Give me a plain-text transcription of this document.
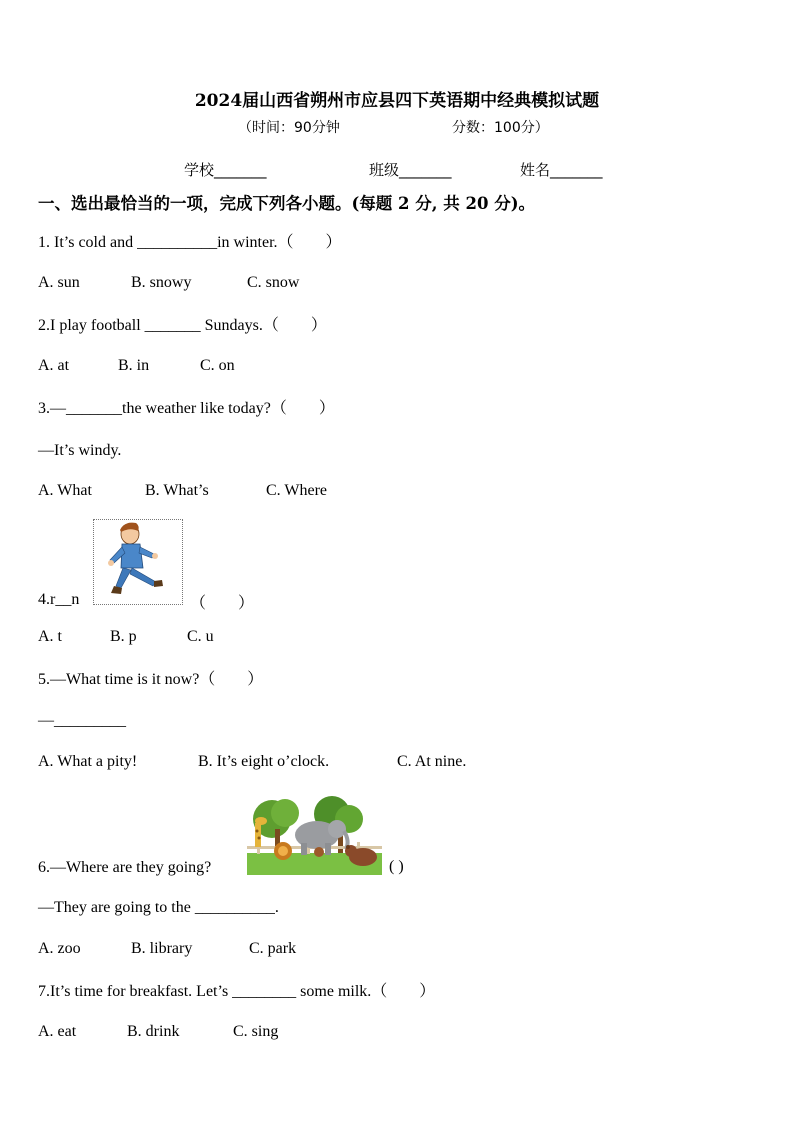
2024届山西省朔州市应县四下英语期中经典模拟试题
（时间：90分钟	分数：100分）
学校_______	班级_______	姓名_______
一、选出最恰当的一项，完成下列各小题。(每题 2 分, 共 20 分)。
1. It’s cold and __________in winter.（　　）
A. sun	B. snowy	C. snow
2.I play football _______ Sundays.（　　）
A. at	B. in	C. on
3.—_______the weather like today?（　　）
—It’s windy.
A. What	B. What’s	C. Where
4.r__n	（　　）
A. t	B. p	C. u
5.—What time is it now?（　　）
—_________
A. What a pity!	B. It’s eight o’clock.	C. At nine.
6.—Where are they going?	( )
—They are going to the __________.
A. zoo	B. library	C. park
7.It’s time for breakfast. Let’s ________ some milk.（　　）
A. eat	B. drink	C. sing
